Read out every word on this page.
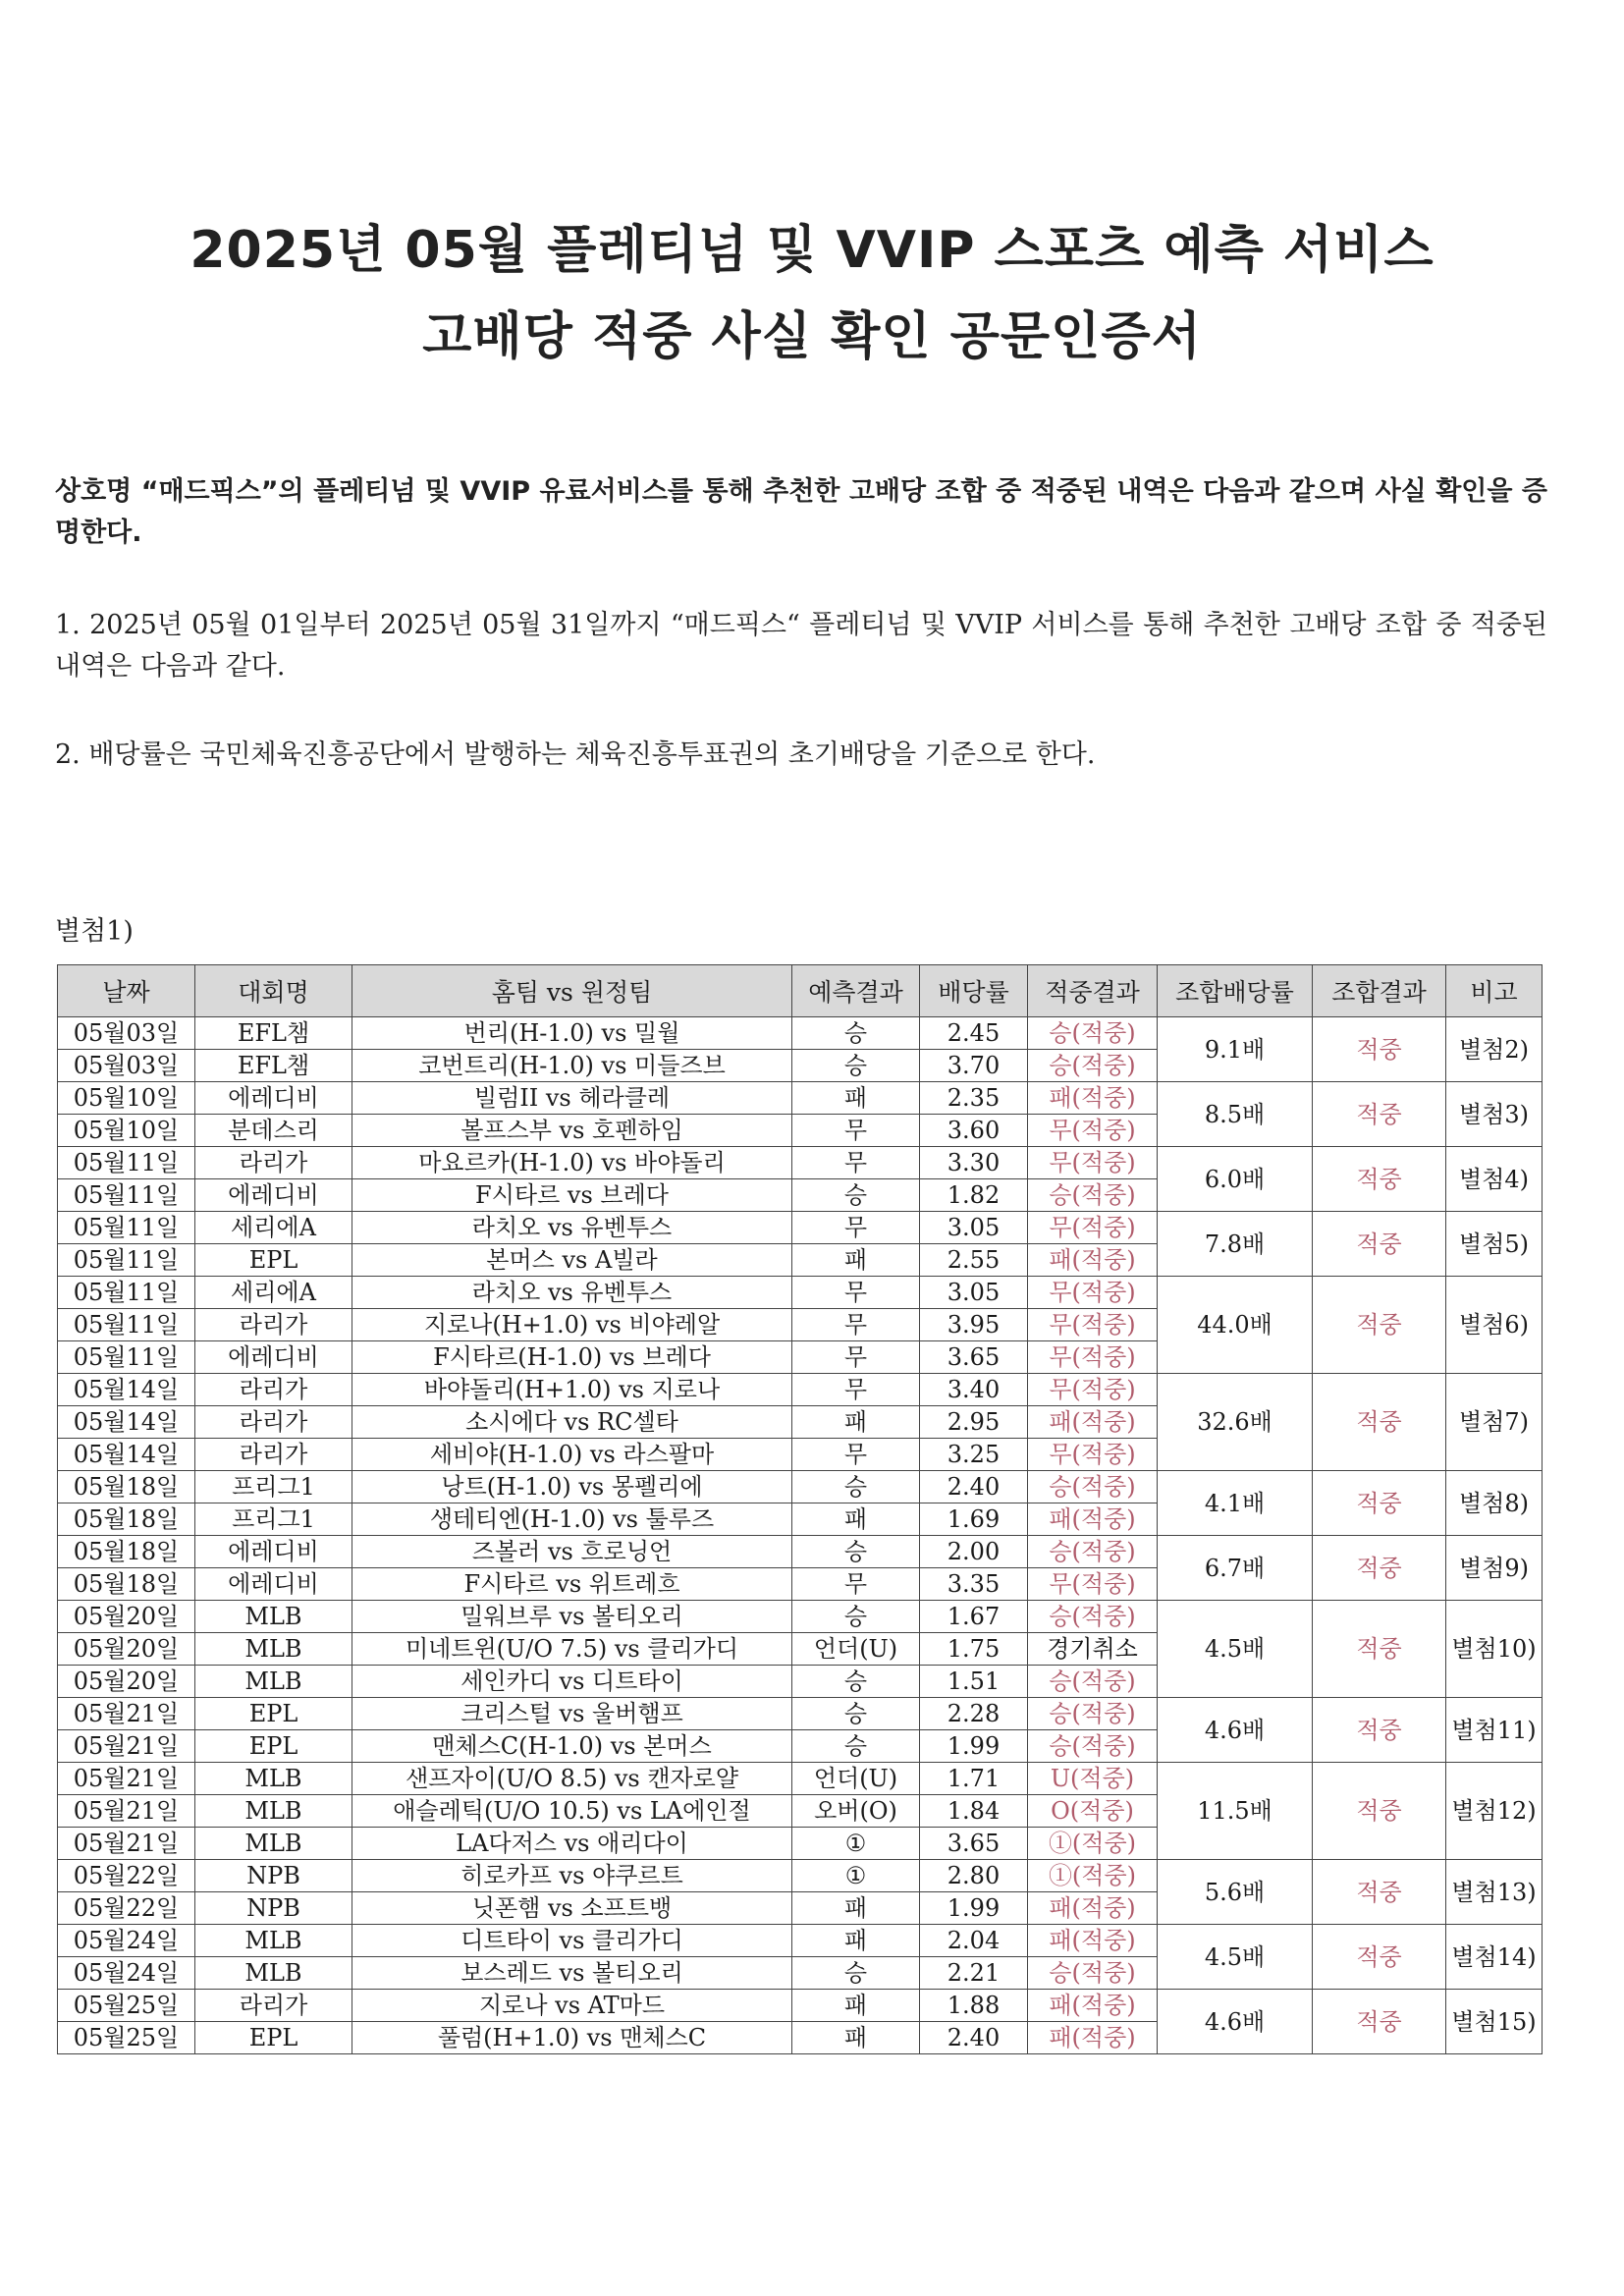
2025년 05월 플레티넘 및 VVIP 스포츠 예측 서비스
고배당 적중 사실 확인 공문인증서
상호명 “매드픽스”의 플레티넘 및 VVIP 유료서비스를 통해 추천한 고배당 조합 중 적중된 내역은 다음과 같으며 사실 확인을 증명한다.
1. 2025년 05월 01일부터 2025년 05월 31일까지 “매드픽스“ 플레티넘 및 VVIP 서비스를 통해 추천한 고배당 조합 중 적중된 내역은 다음과 같다.
2. 배당률은 국민체육진흥공단에서 발행하는 체육진흥투표권의 초기배당을 기준으로 한다.
별첨1)
날짜	대회명	홈팀 vs 원정팀	예측결과	배당률	적중결과	조합배당률	조합결과	비고
05월03일	EFL챔	번리(H-1.0) vs 밀월	승	2.45	승(적중)	9.1배	적중	별첨2)
05월03일	EFL챔	코번트리(H-1.0) vs 미들즈브	승	3.70	승(적중)			
05월10일	에레디비	빌럼II vs 헤라클레	패	2.35	패(적중)	8.5배	적중	별첨3)
05월10일	분데스리	볼프스부 vs 호펜하임	무	3.60	무(적중)			
05월11일	라리가	마요르카(H-1.0) vs 바야돌리	무	3.30	무(적중)	6.0배	적중	별첨4)
05월11일	에레디비	F시타르 vs 브레다	승	1.82	승(적중)			
05월11일	세리에A	라치오 vs 유벤투스	무	3.05	무(적중)	7.8배	적중	별첨5)
05월11일	EPL	본머스 vs A빌라	패	2.55	패(적중)			
05월11일	세리에A	라치오 vs 유벤투스	무	3.05	무(적중)	44.0배	적중	별첨6)
05월11일	라리가	지로나(H+1.0) vs 비야레알	무	3.95	무(적중)			
05월11일	에레디비	F시타르(H-1.0) vs 브레다	무	3.65	무(적중)			
05월14일	라리가	바야돌리(H+1.0) vs 지로나	무	3.40	무(적중)	32.6배	적중	별첨7)
05월14일	라리가	소시에다 vs RC셀타	패	2.95	패(적중)			
05월14일	라리가	세비야(H-1.0) vs 라스팔마	무	3.25	무(적중)			
05월18일	프리그1	낭트(H-1.0) vs 몽펠리에	승	2.40	승(적중)	4.1배	적중	별첨8)
05월18일	프리그1	생테티엔(H-1.0) vs 툴루즈	패	1.69	패(적중)			
05월18일	에레디비	즈볼러 vs 흐로닝언	승	2.00	승(적중)	6.7배	적중	별첨9)
05월18일	에레디비	F시타르 vs 위트레흐	무	3.35	무(적중)			
05월20일	MLB	밀워브루 vs 볼티오리	승	1.67	승(적중)	4.5배	적중	별첨10)
05월20일	MLB	미네트윈(U/O 7.5) vs 클리가디	언더(U)	1.75	경기취소			
05월20일	MLB	세인카디 vs 디트타이	승	1.51	승(적중)			
05월21일	EPL	크리스털 vs 울버햄프	승	2.28	승(적중)	4.6배	적중	별첨11)
05월21일	EPL	맨체스C(H-1.0) vs 본머스	승	1.99	승(적중)			
05월21일	MLB	샌프자이(U/O 8.5) vs 캔자로얄	언더(U)	1.71	U(적중)	11.5배	적중	별첨12)
05월21일	MLB	애슬레틱(U/O 10.5) vs LA에인절	오버(O)	1.84	O(적중)			
05월21일	MLB	LA다저스 vs 애리다이	①	3.65	①(적중)			
05월22일	NPB	히로카프 vs 야쿠르트	①	2.80	①(적중)	5.6배	적중	별첨13)
05월22일	NPB	닛폰햄 vs 소프트뱅	패	1.99	패(적중)			
05월24일	MLB	디트타이 vs 클리가디	패	2.04	패(적중)	4.5배	적중	별첨14)
05월24일	MLB	보스레드 vs 볼티오리	승	2.21	승(적중)			
05월25일	라리가	지로나 vs AT마드	패	1.88	패(적중)	4.6배	적중	별첨15)
05월25일	EPL	풀럼(H+1.0) vs 맨체스C	패	2.40	패(적중)			
